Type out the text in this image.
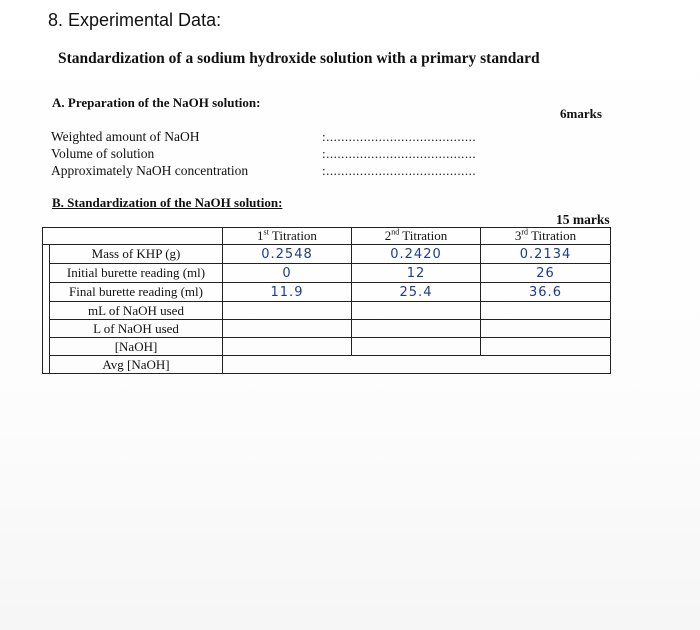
8. Experimental Data:
Standardization of a sodium hydroxide solution with a primary standard
A. Preparation of the NaOH solution:
6marks
Weighted amount of NaOH	:........................................
Volume of solution	:........................................
Approximately NaOH concentration	:........................................
B. Standardization of the NaOH solution:
15 marks
		1st Titration	2nd Titration	3rd Titration
	Mass of KHP (g)	0.2548	0.2420	0.2134
	Initial burette reading (ml)	0	12	26
	Final burette reading (ml)	11.9	25.4	36.6
	mL of NaOH used			
	L of NaOH used			
	[NaOH]			
	Avg [NaOH]			
